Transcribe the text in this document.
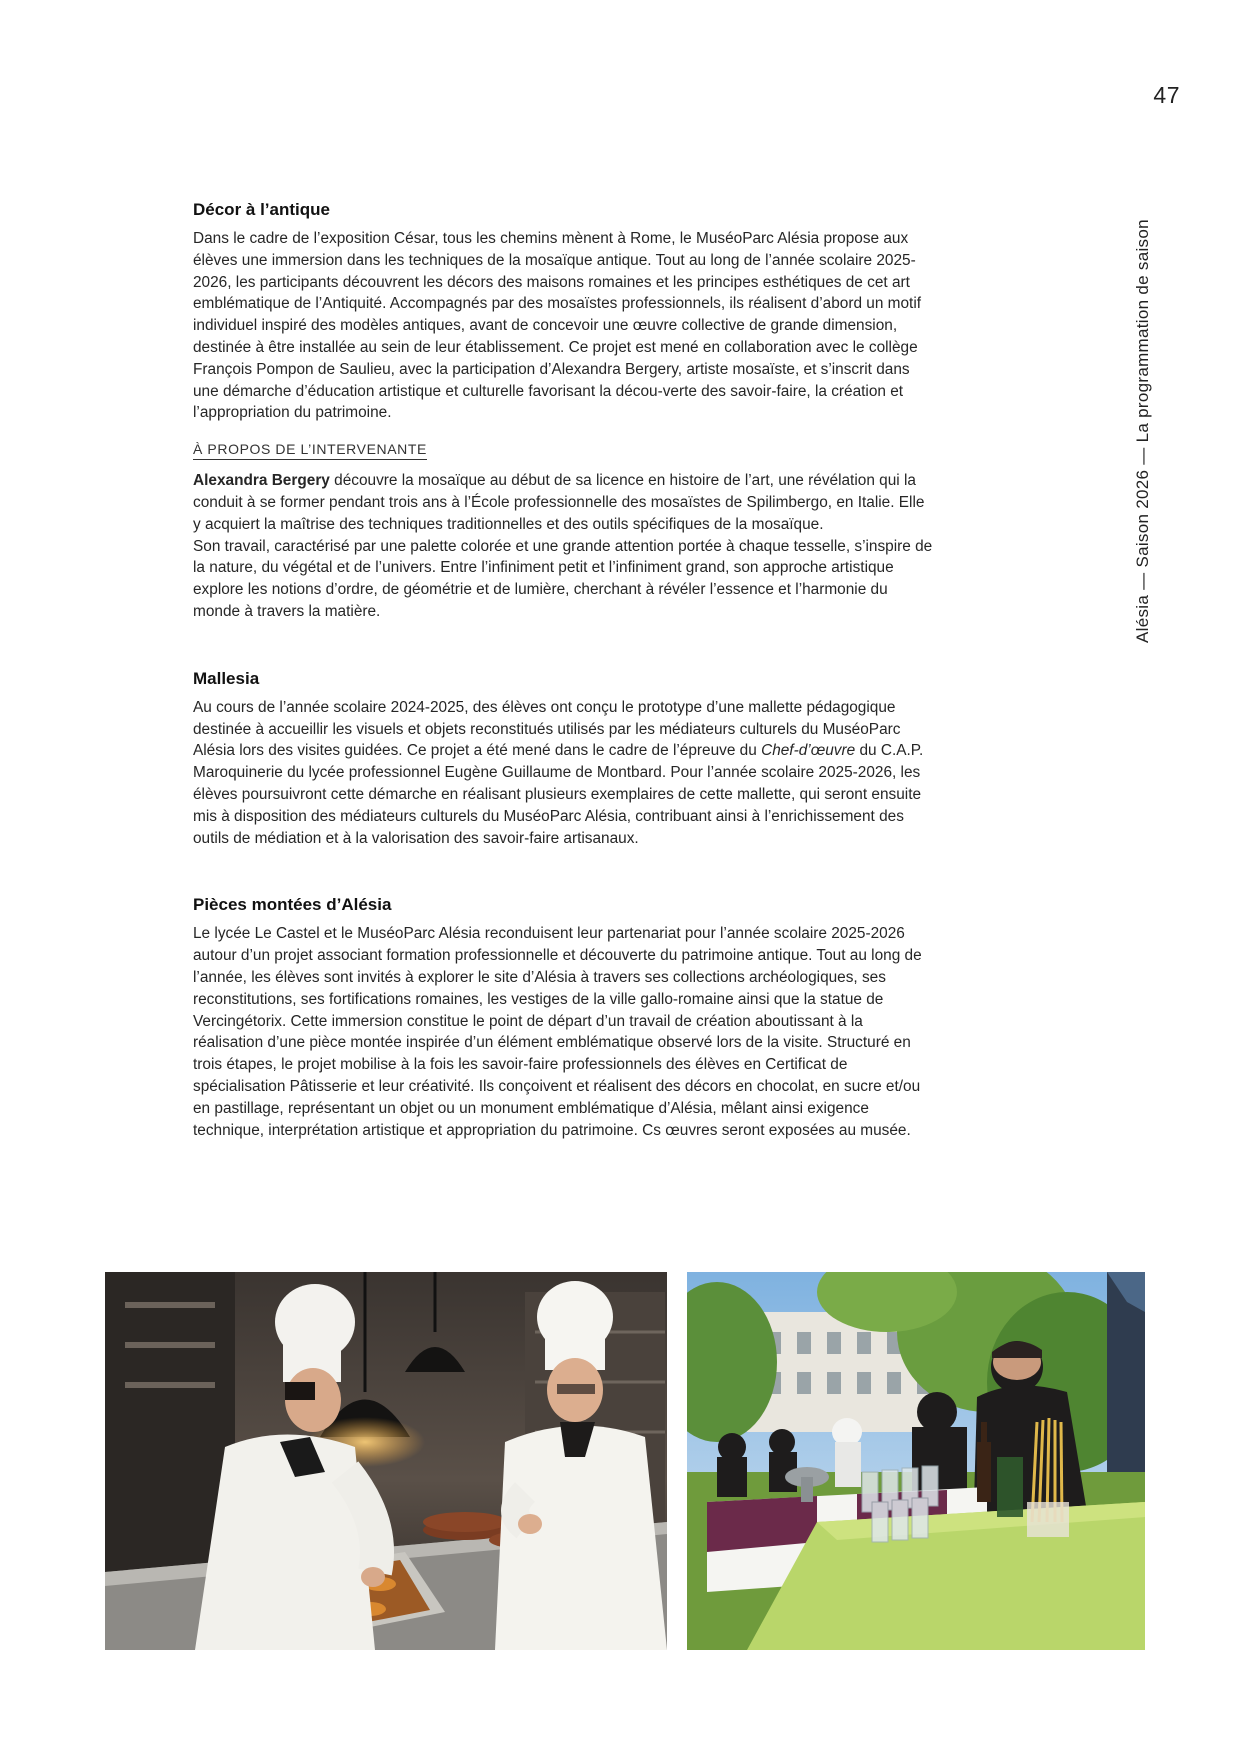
47
Alésia — Saison 2026 — La programmation de saison
Décor à l’antique

Dans le cadre de l’exposition César, tous les chemins mènent à Rome, le MuséoParc Alésia propose aux élèves une immersion dans les techniques de la mosaïque antique. Tout au long de l’année scolaire 2025-2026, les participants découvrent les décors des maisons romaines et les principes esthétiques de cet art emblématique de l’Antiquité. Accompagnés par des mosaïstes professionnels, ils réalisent d’abord un motif individuel inspiré des modèles antiques, avant de concevoir une œuvre collective de grande dimension, destinée à être installée au sein de leur établissement. Ce projet est mené en collaboration avec le collège François Pompon de Saulieu, avec la participation d’Alexandra Bergery, artiste mosaïste, et s’inscrit dans une démarche d’éducation artistique et culturelle favorisant la décou-verte des savoir-faire, la création et l’appropriation du patrimoine.

À PROPOS DE L’INTERVENANTE

Alexandra Bergery découvre la mosaïque au début de sa licence en histoire de l’art, une révélation qui la conduit à se former pendant trois ans à l’École professionnelle des mosaïstes de Spilimbergo, en Italie. Elle y acquiert la maîtrise des techniques traditionnelles et des outils spécifiques de la mosaïque.
Son travail, caractérisé par une palette colorée et une grande attention portée à chaque tesselle, s’inspire de la nature, du végétal et de l’univers. Entre l’infiniment petit et l’infiniment grand, son approche artistique explore les notions d’ordre, de géométrie et de lumière, cherchant à révéler l’essence et l’harmonie du monde à travers la matière.

Mallesia

Au cours de l’année scolaire 2024-2025, des élèves ont conçu le prototype d’une mallette pédagogique destinée à accueillir les visuels et objets reconstitués utilisés par les médiateurs culturels du MuséoParc Alésia lors des visites guidées. Ce projet a été mené dans le cadre de l’épreuve du Chef-d’œuvre du C.A.P. Maroquinerie du lycée professionnel Eugène Guillaume de Montbard. Pour l’année scolaire 2025-2026, les élèves poursuivront cette démarche en réalisant plusieurs exemplaires de cette mallette, qui seront ensuite mis à disposition des médiateurs culturels du MuséoParc Alésia, contribuant ainsi à l’enrichissement des outils de médiation et à la valorisation des savoir-faire artisanaux.

Pièces montées d’Alésia

Le lycée Le Castel et le MuséoParc Alésia reconduisent leur partenariat pour l’année scolaire 2025-2026 autour d’un projet associant formation professionnelle et découverte du patrimoine antique. Tout au long de l’année, les élèves sont invités à explorer le site d’Alésia à travers ses collections archéologiques, ses reconstitutions, ses fortifications romaines, les vestiges de la ville gallo-romaine ainsi que la statue de Vercingétorix. Cette immersion constitue le point de départ d’un travail de création aboutissant à la réalisation d’une pièce montée inspirée d’un élément emblématique observé lors de la visite. Structuré en trois étapes, le projet mobilise à la fois les savoir-faire professionnels des élèves en Certificat de spécialisation Pâtisserie et leur créativité. Ils conçoivent et réalisent des décors en chocolat, en sucre et/ou en pastillage, représentant un objet ou un monument emblématique d’Alésia, mêlant ainsi exigence technique, interprétation artistique et appropriation du patrimoine. Cs œuvres seront exposées au musée.
